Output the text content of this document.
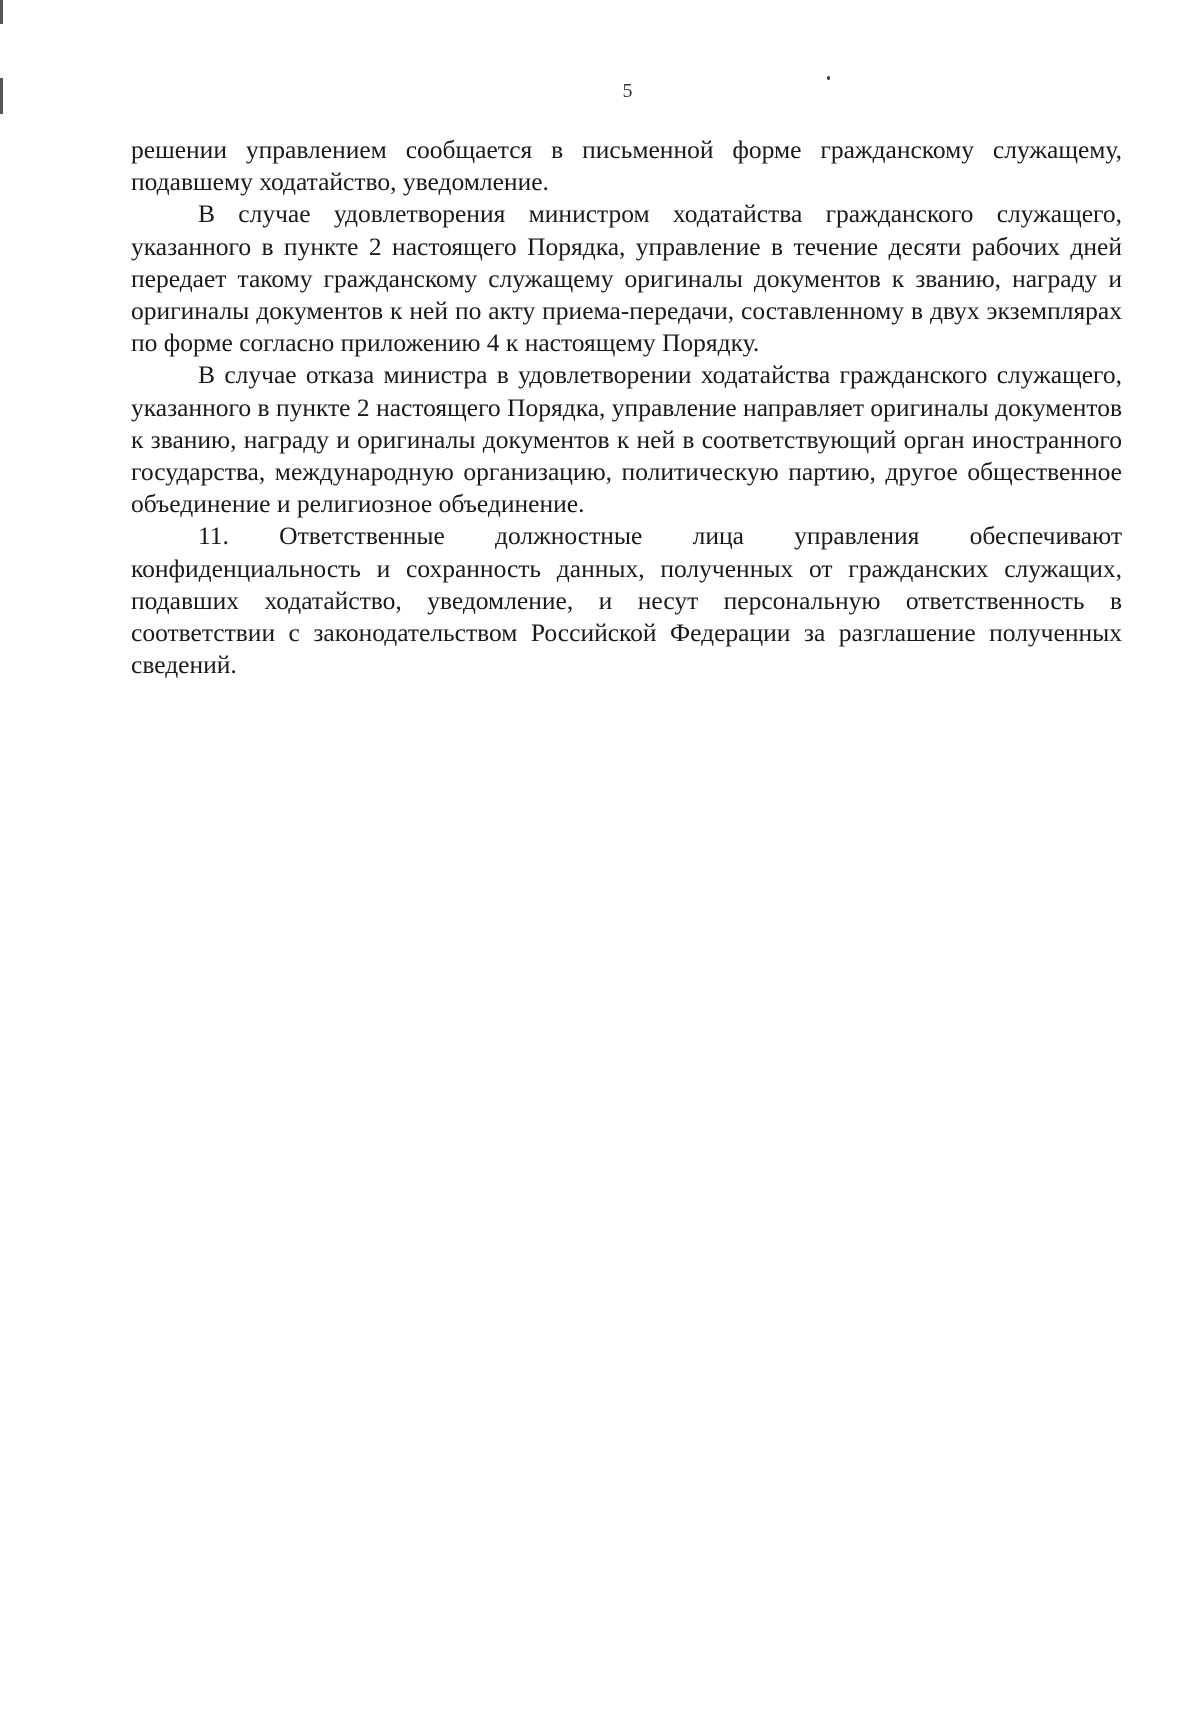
5

решении управлением сообщается в письменной форме гражданскому служащему, подавшему ходатайство, уведомление.

В случае удовлетворения министром ходатайства гражданского служащего, указанного в пункте 2 настоящего Порядка, управление в течение десяти рабочих дней передает такому гражданскому служащему оригиналы документов к званию, награду и оригиналы документов к ней по акту приема-передачи, составленному в двух экземплярах по форме согласно приложению 4 к настоящему Порядку.

В случае отказа министра в удовлетворении ходатайства гражданского служащего, указанного в пункте 2 настоящего Порядка, управление направляет оригиналы документов к званию, награду и оригиналы документов к ней в соответствующий орган иностранного государства, международную организацию, политическую партию, другое общественное объединение и религиозное объединение.

11. Ответственные должностные лица управления обеспечивают конфиденциальность и сохранность данных, полученных от гражданских служащих, подавших ходатайство, уведомление, и несут персональную ответственность в соответствии с законодательством Российской Федерации за разглашение полученных сведений.
